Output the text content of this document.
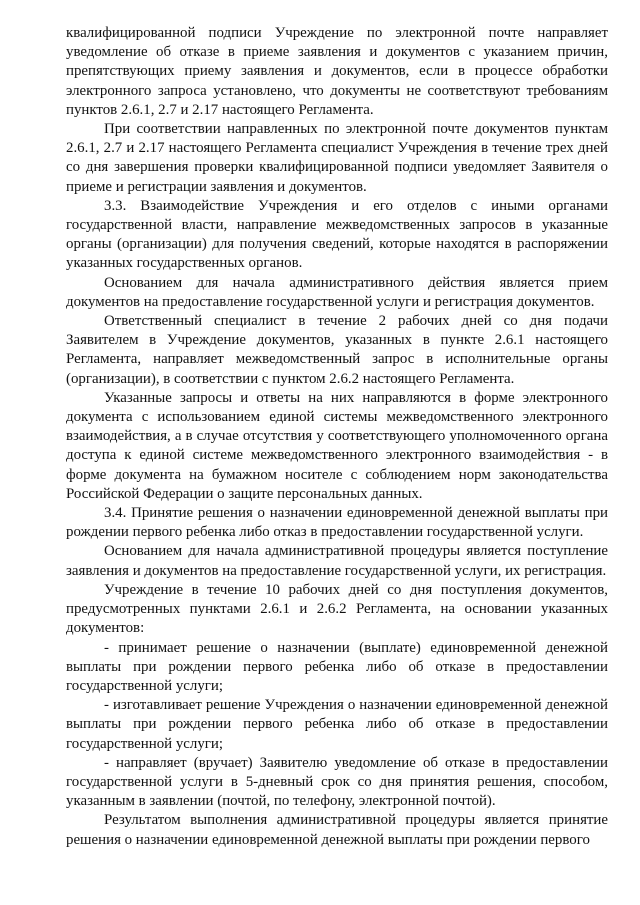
квалифицированной подписи Учреждение по электронной почте направляет уведомление об отказе в приеме заявления и документов с указанием причин, препятствующих приему заявления и документов, если в процессе обработки электронного запроса установлено, что документы не соответствуют требованиям пунктов 2.6.1, 2.7 и 2.17 настоящего Регламента.

При соответствии направленных по электронной почте документов пунктам 2.6.1, 2.7 и 2.17 настоящего Регламента специалист Учреждения в течение трех дней со дня завершения проверки квалифицированной подписи уведомляет Заявителя о приеме и регистрации заявления и документов.

3.3. Взаимодействие Учреждения и его отделов с иными органами государственной власти, направление межведомственных запросов в указанные органы (организации) для получения сведений, которые находятся в распоряжении указанных государственных органов.

Основанием для начала административного действия является прием документов на предоставление государственной услуги и регистрация документов.

Ответственный специалист в течение 2 рабочих дней со дня подачи Заявителем в Учреждение документов, указанных в пункте 2.6.1 настоящего Регламента, направляет межведомственный запрос в исполнительные органы (организации), в соответствии с пунктом 2.6.2 настоящего Регламента.

Указанные запросы и ответы на них направляются в форме электронного документа с использованием единой системы межведомственного электронного взаимодействия, а в случае отсутствия у соответствующего уполномоченного органа доступа к единой системе межведомственного электронного взаимодействия - в форме документа на бумажном носителе с соблюдением норм законодательства Российской Федерации о защите персональных данных.

3.4. Принятие решения о назначении единовременной денежной выплаты при рождении первого ребенка либо отказ в предоставлении государственной услуги.

Основанием для начала административной процедуры является поступление заявления и документов на предоставление государственной услуги, их регистрация.

Учреждение в течение 10 рабочих дней со дня поступления документов, предусмотренных пунктами 2.6.1 и 2.6.2 Регламента, на основании указанных документов:

- принимает решение о назначении (выплате) единовременной денежной выплаты при рождении первого ребенка либо об отказе в предоставлении государственной услуги;

- изготавливает решение Учреждения о назначении единовременной денежной выплаты при рождении первого ребенка либо об отказе в предоставлении государственной услуги;

- направляет (вручает) Заявителю уведомление об отказе в предоставлении государственной услуги в 5-дневный срок со дня принятия решения, способом, указанным в заявлении (почтой, по телефону, электронной почтой).

Результатом выполнения административной процедуры является принятие решения о назначении единовременной денежной выплаты при рождении первого
